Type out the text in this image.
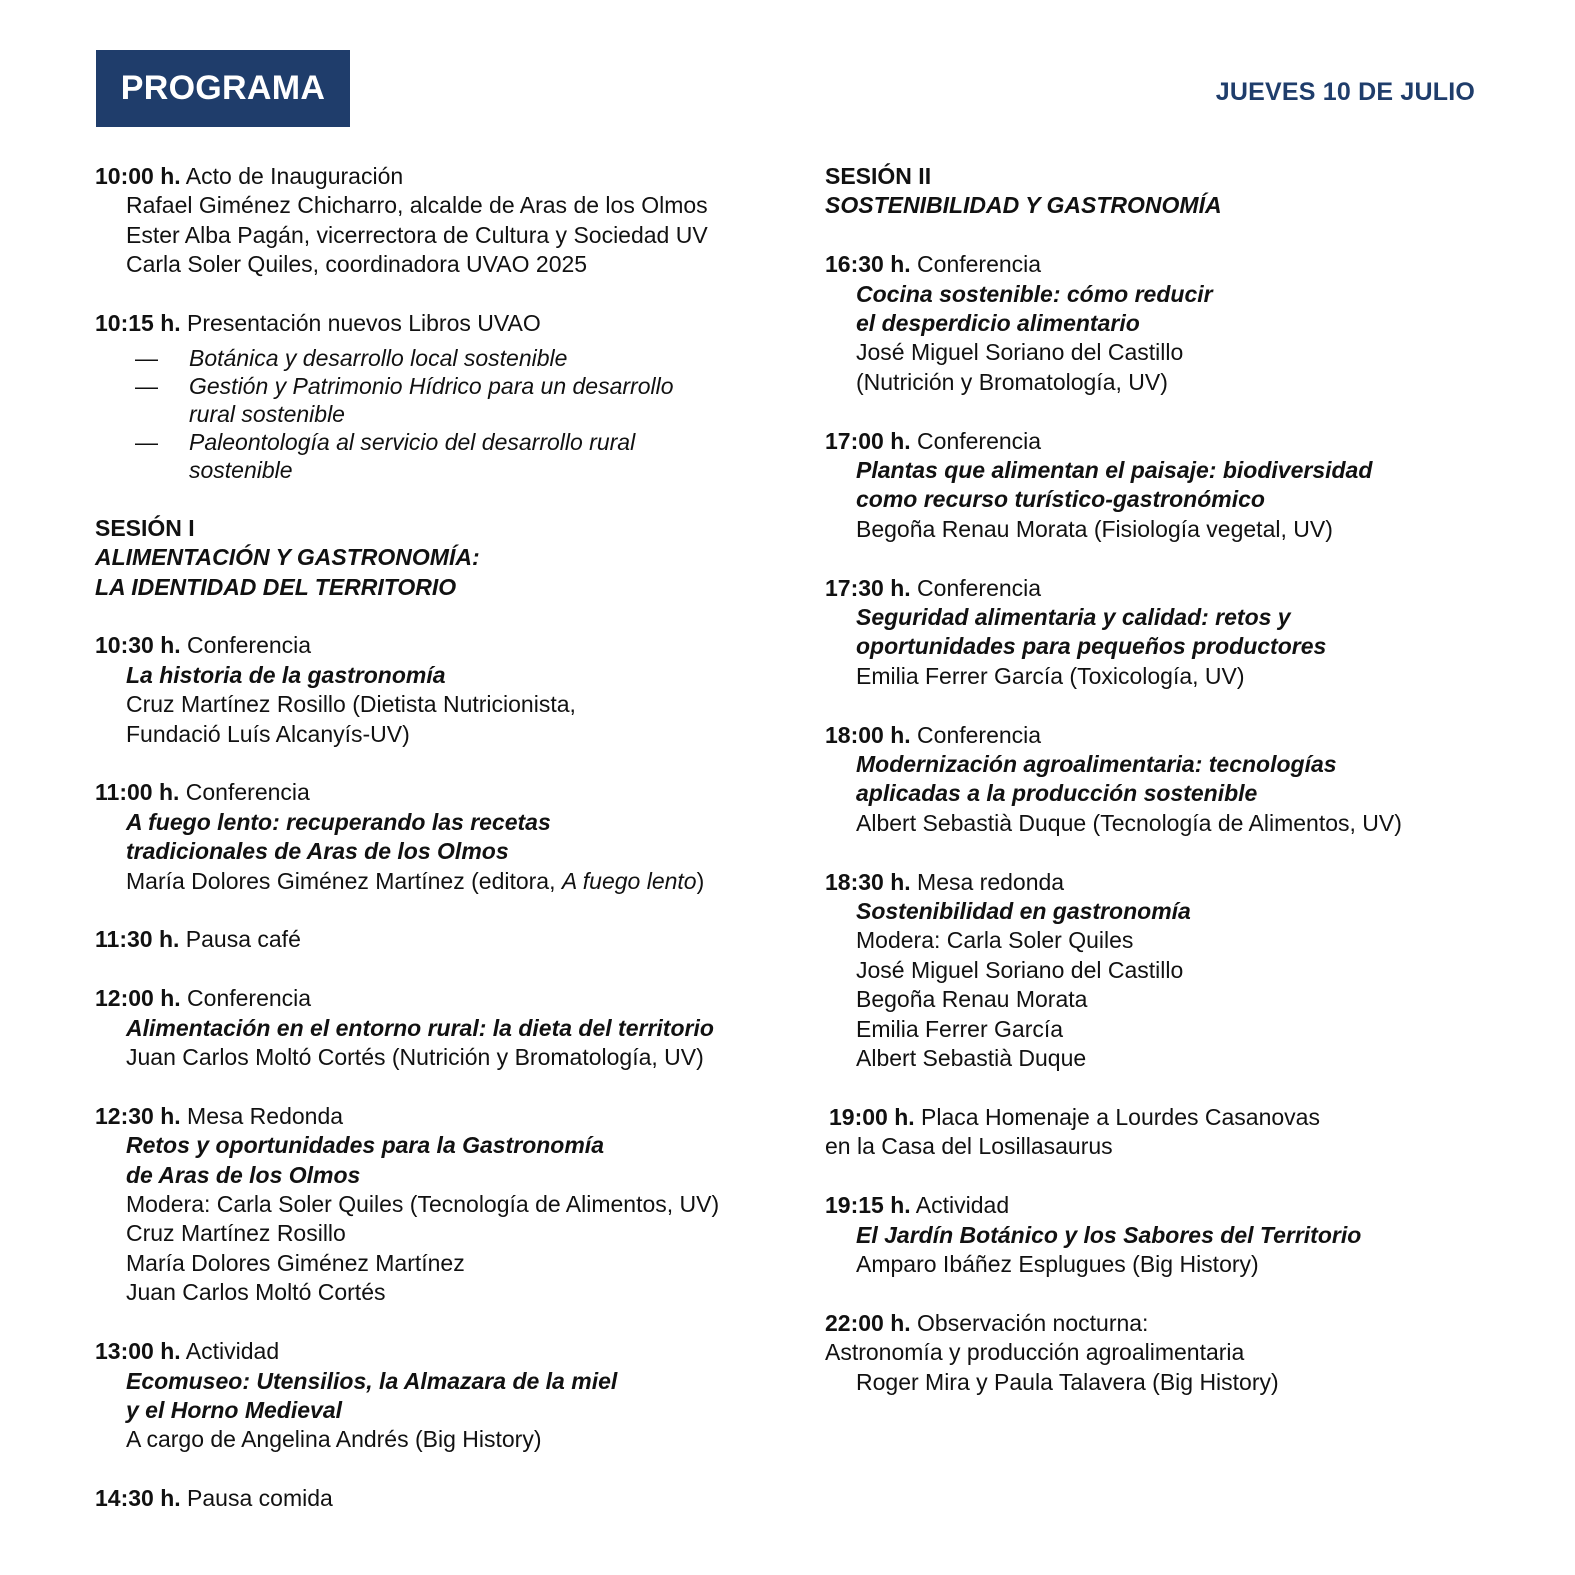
PROGRAMA	JUEVES 10 DE JULIO
10:00 h. Acto de Inauguración
Rafael Giménez Chicharro, alcalde de Aras de los Olmos
Ester Alba Pagán, vicerrectora de Cultura y Sociedad UV
Carla Soler Quiles, coordinadora UVAO 2025
10:15 h. Presentación nuevos Libros UVAO
— Botánica y desarrollo local sostenible
— Gestión y Patrimonio Hídrico para un desarrollo
rural sostenible
— Paleontología al servicio del desarrollo rural
sostenible
SESIÓN I
ALIMENTACIÓN Y GASTRONOMÍA:
LA IDENTIDAD DEL TERRITORIO
10:30 h. Conferencia
La historia de la gastronomía
Cruz Martínez Rosillo (Dietista Nutricionista,
Fundació Luís Alcanyís-UV)
11:00 h. Conferencia
A fuego lento: recuperando las recetas
tradicionales de Aras de los Olmos
María Dolores Giménez Martínez (editora, A fuego lento)
11:30 h. Pausa café
12:00 h. Conferencia
Alimentación en el entorno rural: la dieta del territorio
Juan Carlos Moltó Cortés (Nutrición y Bromatología, UV)
12:30 h. Mesa Redonda
Retos y oportunidades para la Gastronomía
de Aras de los Olmos
Modera: Carla Soler Quiles (Tecnología de Alimentos, UV)
Cruz Martínez Rosillo
María Dolores Giménez Martínez
Juan Carlos Moltó Cortés
13:00 h. Actividad
Ecomuseo: Utensilios, la Almazara de la miel
y el Horno Medieval
A cargo de Angelina Andrés (Big History)
14:30 h. Pausa comida
SESIÓN II
SOSTENIBILIDAD Y GASTRONOMÍA
16:30 h. Conferencia
Cocina sostenible: cómo reducir
el desperdicio alimentario
José Miguel Soriano del Castillo
(Nutrición y Bromatología, UV)
17:00 h. Conferencia
Plantas que alimentan el paisaje: biodiversidad
como recurso turístico-gastronómico
Begoña Renau Morata (Fisiología vegetal, UV)
17:30 h. Conferencia
Seguridad alimentaria y calidad: retos y
oportunidades para pequeños productores
Emilia Ferrer García (Toxicología, UV)
18:00 h. Conferencia
Modernización agroalimentaria: tecnologías
aplicadas a la producción sostenible
Albert Sebastià Duque (Tecnología de Alimentos, UV)
18:30 h. Mesa redonda
Sostenibilidad en gastronomía
Modera: Carla Soler Quiles
José Miguel Soriano del Castillo
Begoña Renau Morata
Emilia Ferrer García
Albert Sebastià Duque
19:00 h. Placa Homenaje a Lourdes Casanovas
en la Casa del Losillasaurus
19:15 h. Actividad
El Jardín Botánico y los Sabores del Territorio
Amparo Ibáñez Esplugues (Big History)
22:00 h. Observación nocturna:
Astronomía y producción agroalimentaria
Roger Mira y Paula Talavera (Big History)
